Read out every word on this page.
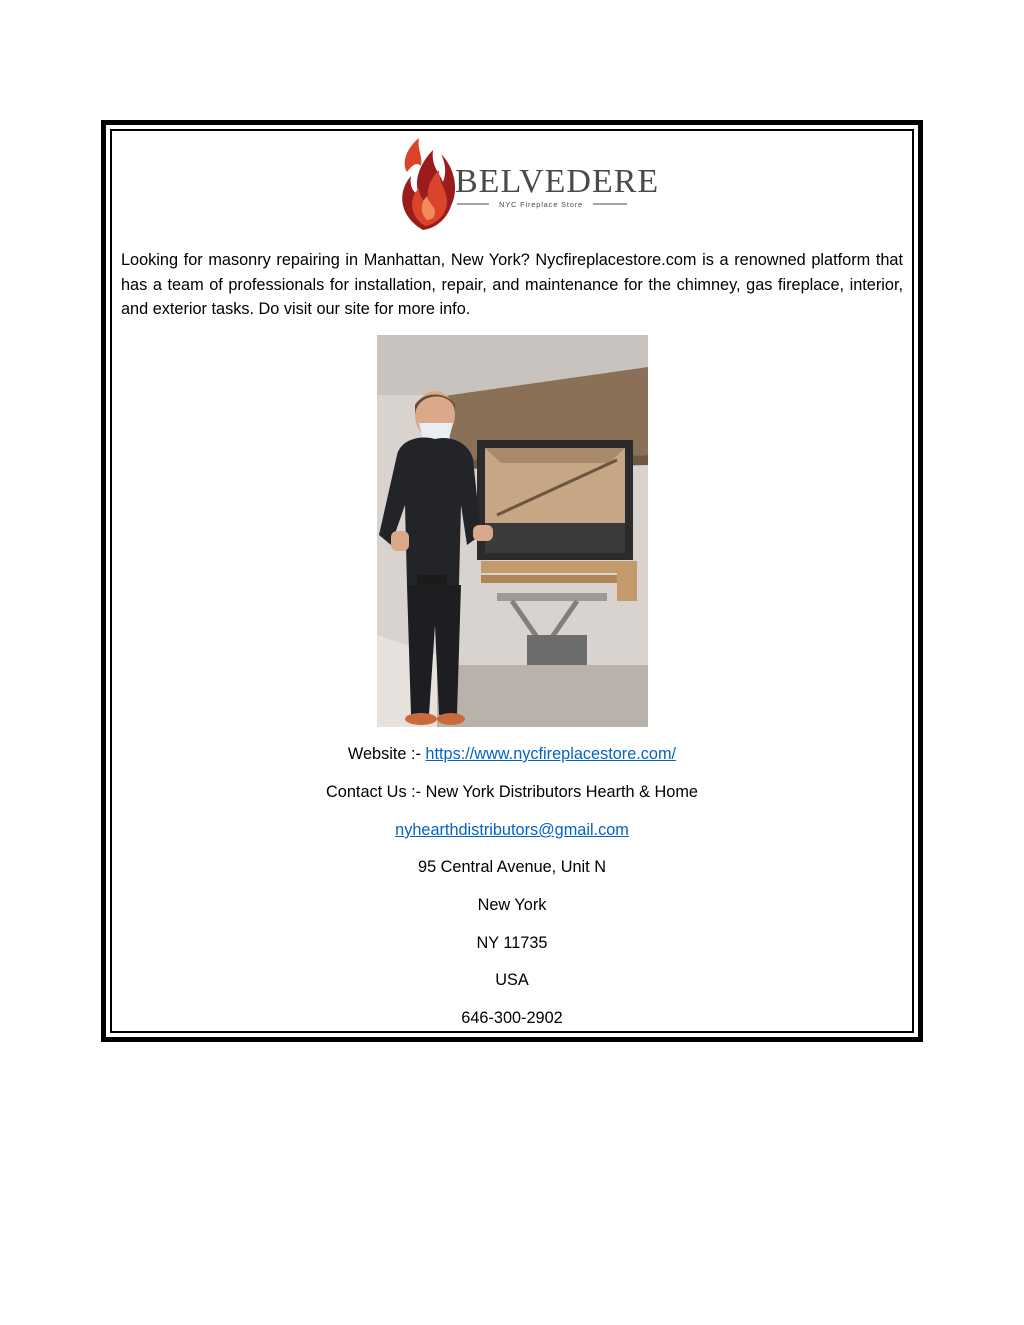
BELVEDERE
NYC Fireplace Store

Looking for masonry repairing in Manhattan, New York? Nycfireplacestore.com is a renowned platform that has a team of professionals for installation, repair, and maintenance for the chimney, gas fireplace, interior, and exterior tasks. Do visit our site for more info.

Website :- https://www.nycfireplacestore.com/

Contact Us :- New York Distributors Hearth & Home

nyhearthdistributors@gmail.com

95 Central Avenue, Unit N

New York

NY 11735

USA

646-300-2902
